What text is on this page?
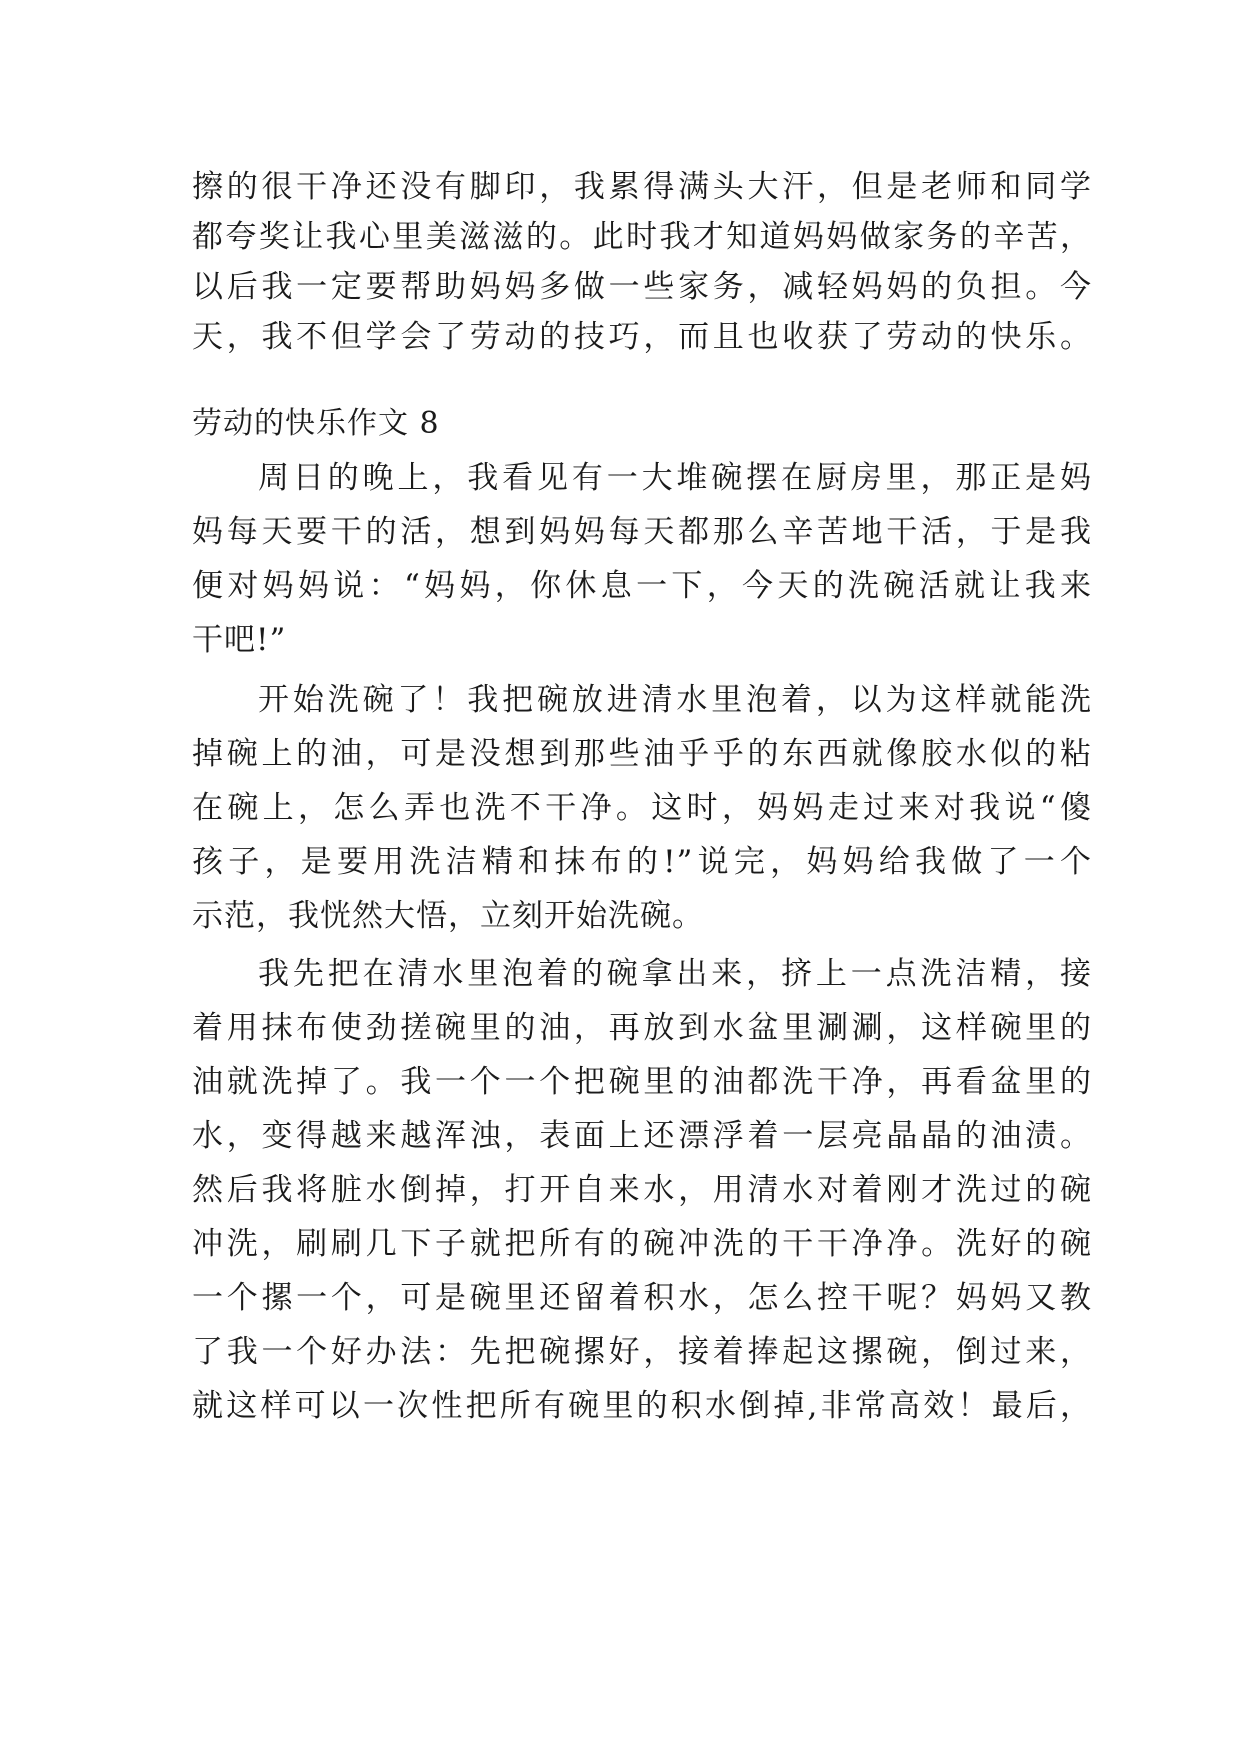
擦的很干净还没有脚印，我累得满头大汗，但是老师和同学
都夸奖让我心里美滋滋的。此时我才知道妈妈做家务的辛苦，
以后我一定要帮助妈妈多做一些家务，减轻妈妈的负担。今
天，我不但学会了劳动的技巧，而且也收获了劳动的快乐。
劳动的快乐作文 8
周日的晚上，我看见有一大堆碗摆在厨房里，那正是妈
妈每天要干的活，想到妈妈每天都那么辛苦地干活，于是我
便对妈妈说：“妈妈，你休息一下，今天的洗碗活就让我来
干吧!”
开始洗碗了！我把碗放进清水里泡着，以为这样就能洗
掉碗上的油，可是没想到那些油乎乎的东西就像胶水似的粘
在碗上，怎么弄也洗不干净。这时，妈妈走过来对我说“傻
孩子，是要用洗洁精和抹布的!”说完，妈妈给我做了一个
示范，我恍然大悟，立刻开始洗碗。
我先把在清水里泡着的碗拿出来，挤上一点洗洁精，接
着用抹布使劲搓碗里的油，再放到水盆里涮涮，这样碗里的
油就洗掉了。我一个一个把碗里的油都洗干净，再看盆里的
水，变得越来越浑浊，表面上还漂浮着一层亮晶晶的油渍。
然后我将脏水倒掉，打开自来水，用清水对着刚才洗过的碗
冲洗，刷刷几下子就把所有的碗冲洗的干干净净。洗好的碗
一个摞一个，可是碗里还留着积水，怎么控干呢？妈妈又教
了我一个好办法：先把碗摞好，接着捧起这摞碗，倒过来，
就这样可以一次性把所有碗里的积水倒掉,非常高效！最后，
